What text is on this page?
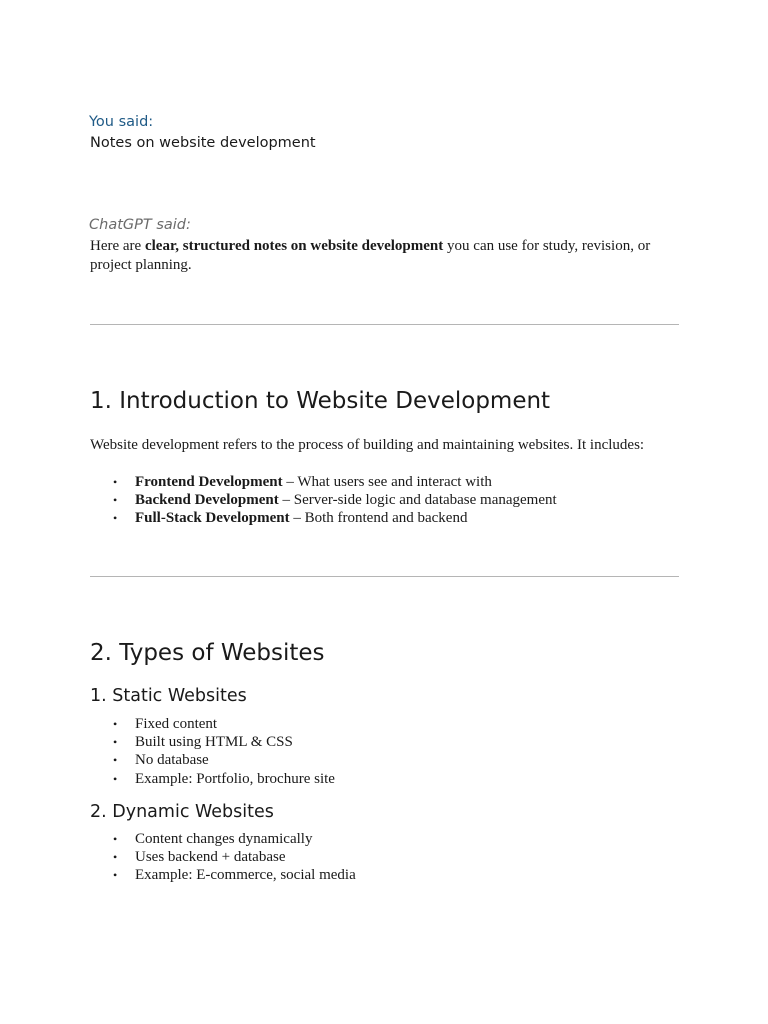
You said:
Notes on website development
ChatGPT said:

Here are clear, structured notes on website development you can use for study, revision, or project planning.

1. Introduction to Website Development

Website development refers to the process of building and maintaining websites. It includes:

• Frontend Development – What users see and interact with
• Backend Development – Server-side logic and database management
• Full-Stack Development – Both frontend and backend
2. Types of Websites
1. Static Websites
• Fixed content
• Built using HTML & CSS
• No database
• Example: Portfolio, brochure site
2. Dynamic Websites
• Content changes dynamically
• Uses backend + database
• Example: E-commerce, social media
